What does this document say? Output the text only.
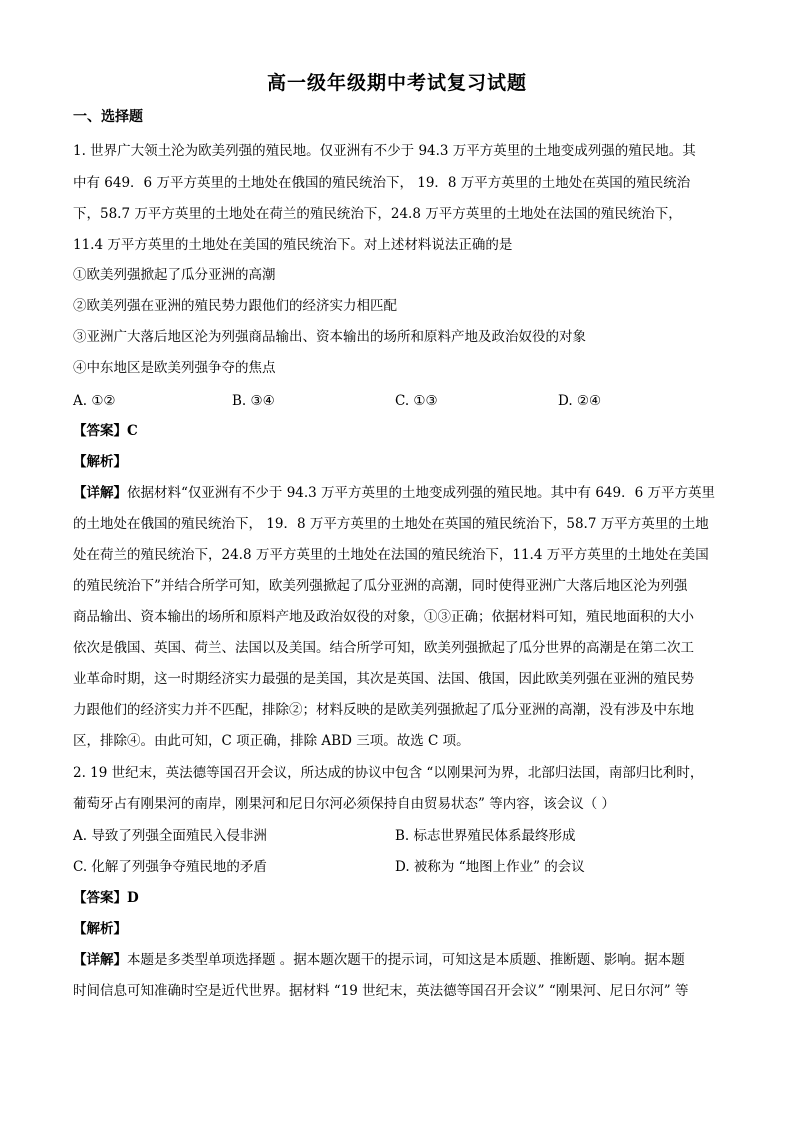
高一级年级期中考试复习试题
一、选择题
1. 世界广大领土沦为欧美列强的殖民地。仅亚洲有不少于 94.3 万平方英里的土地变成列强的殖民地。其
中有 649．6 万平方英里的土地处在俄国的殖民统治下， 19．8 万平方英里的土地处在英国的殖民统治
下，58.7 万平方英里的土地处在荷兰的殖民统治下，24.8 万平方英里的土地处在法国的殖民统治下，
11.4 万平方英里的土地处在美国的殖民统治下。对上述材料说法正确的是
①欧美列强掀起了瓜分亚洲的高潮
②欧美列强在亚洲的殖民势力跟他们的经济实力相匹配
③亚洲广大落后地区沦为列强商品输出、资本输出的场所和原料产地及政治奴役的对象
④中东地区是欧美列强争夺的焦点
A. ①②	B. ③④	C. ①③	D. ②④
【答案】C
【解析】
【详解】依据材料“仅亚洲有不少于 94.3 万平方英里的土地变成列强的殖民地。其中有 649．6 万平方英里
的土地处在俄国的殖民统治下， 19．8 万平方英里的土地处在英国的殖民统治下，58.7 万平方英里的土地
处在荷兰的殖民统治下，24.8 万平方英里的土地处在法国的殖民统治下，11.4 万平方英里的土地处在美国
的殖民统治下”并结合所学可知，欧美列强掀起了瓜分亚洲的高潮，同时使得亚洲广大落后地区沦为列强
商品输出、资本输出的场所和原料产地及政治奴役的对象，①③正确；依据材料可知，殖民地面积的大小
依次是俄国、英国、荷兰、法国以及美国。结合所学可知，欧美列强掀起了瓜分世界的高潮是在第二次工
业革命时期，这一时期经济实力最强的是美国，其次是英国、法国、俄国，因此欧美列强在亚洲的殖民势
力跟他们的经济实力并不匹配，排除②；材料反映的是欧美列强掀起了瓜分亚洲的高潮，没有涉及中东地
区，排除④。由此可知，C 项正确，排除 ABD 三项。故选 C 项。
2. 19 世纪末，英法德等国召开会议，所达成的协议中包含 “以刚果河为界，北部归法国，南部归比利时，
葡萄牙占有刚果河的南岸，刚果河和尼日尔河必须保持自由贸易状态” 等内容，该会议（ ）
A. 导致了列强全面殖民入侵非洲	B. 标志世界殖民体系最终形成
C. 化解了列强争夺殖民地的矛盾	D. 被称为 “地图上作业” 的会议
【答案】D
【解析】
【详解】本题是多类型单项选择题 。据本题次题干的提示词，可知这是本质题、推断题、影响。据本题
时间信息可知准确时空是近代世界。据材料 “19 世纪末，英法德等国召开会议” “刚果河、尼日尔河” 等
